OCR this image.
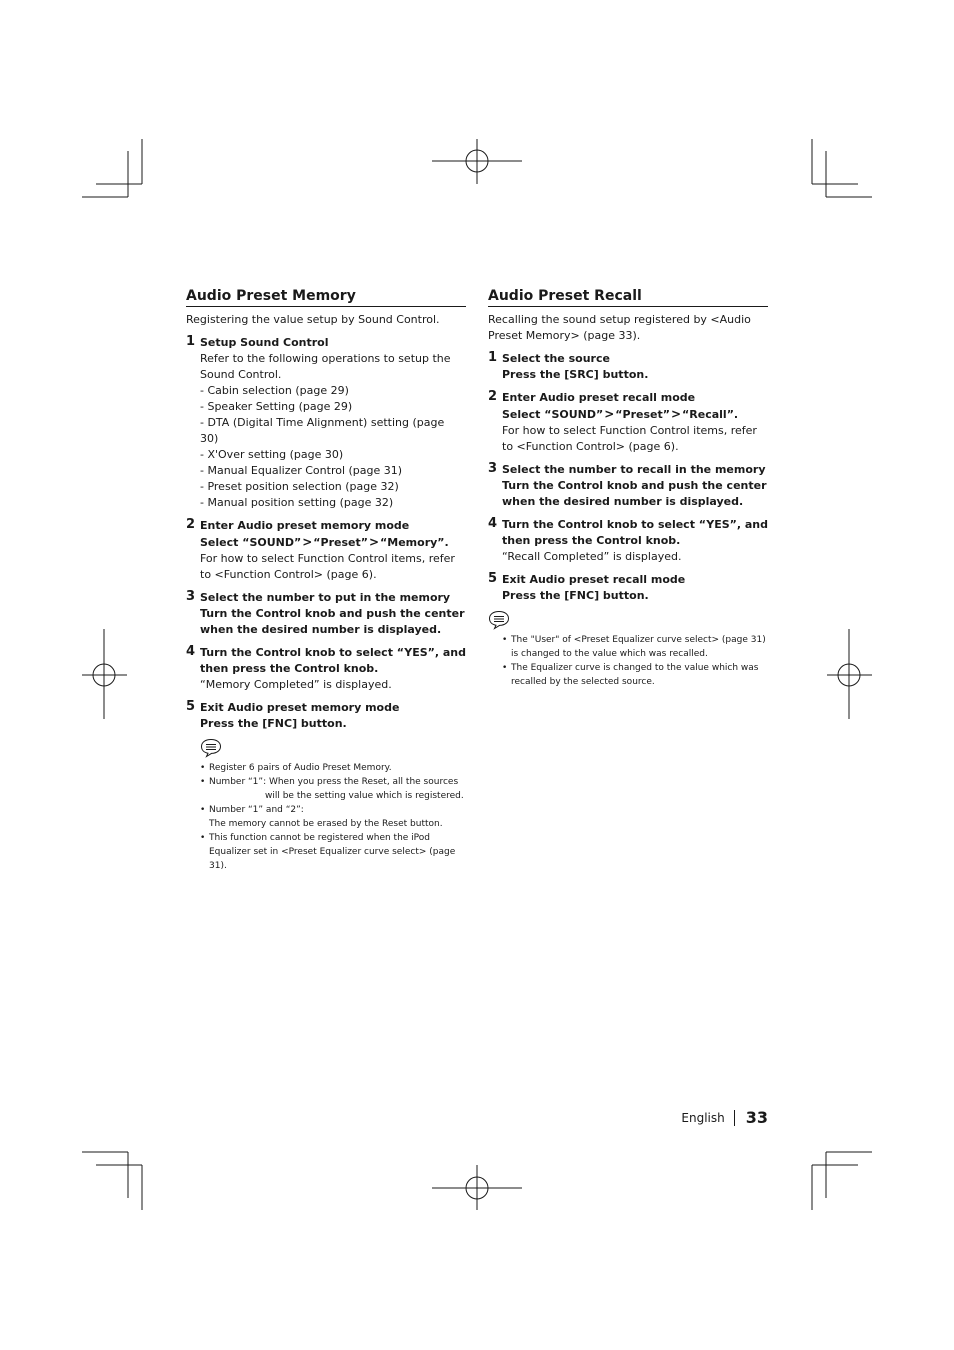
Audio Preset Memory

Registering the value setup by Sound Control.

1 Setup Sound Control
Refer to the following operations to setup the Sound Control.
- Cabin selection (page 29)
- Speaker Setting (page 29)
- DTA (Digital Time Alignment) setting (page 30)
- X'Over setting (page 30)
- Manual Equalizer Control (page 31)
- Preset position selection (page 32)
- Manual position setting (page 32)
2 Enter Audio preset memory mode
Select “SOUND”>“Preset”>“Memory”.
For how to select Function Control items, refer to <Function Control> (page 6).
3 Select the number to put in the memory
Turn the Control knob and push the center when the desired number is displayed.
4 Turn the Control knob to select “YES”, and then press the Control knob.
“Memory Completed” is displayed.
5 Exit Audio preset memory mode
Press the [FNC] button.
• Register 6 pairs of Audio Preset Memory.
• Number “1”: When you press the Reset, all the sources
will be the setting value which is registered.
• Number “1” and “2”:
The memory cannot be erased by the Reset button.
• This function cannot be registered when the iPod Equalizer set in <Preset Equalizer curve select> (page 31).
Audio Preset Recall

Recalling the sound setup registered by <Audio Preset Memory> (page 33).

1 Select the source
Press the [SRC] button.
2 Enter Audio preset recall mode
Select “SOUND”>“Preset”>“Recall”.
For how to select Function Control items, refer to <Function Control> (page 6).
3 Select the number to recall in the memory
Turn the Control knob and push the center when the desired number is displayed.
4 Turn the Control knob to select “YES”, and then press the Control knob.
“Recall Completed” is displayed.
5 Exit Audio preset recall mode
Press the [FNC] button.
• The "User" of <Preset Equalizer curve select> (page 31) is changed to the value which was recalled.
• The Equalizer curve is changed to the value which was recalled by the selected source.
English 33
